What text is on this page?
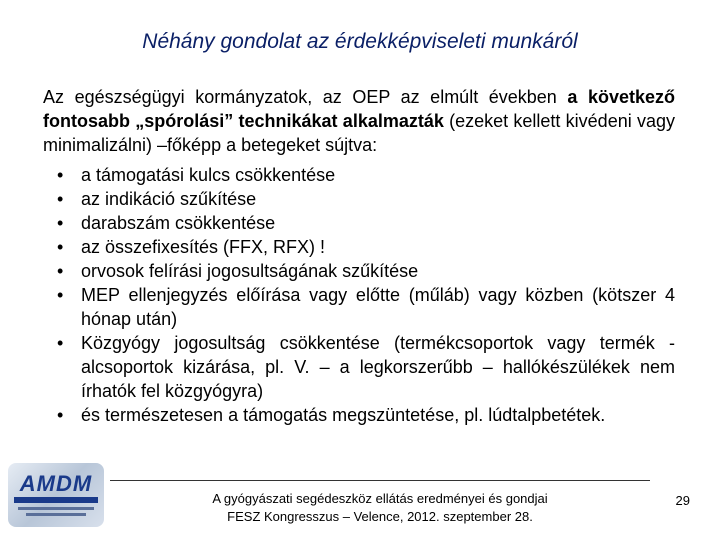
Néhány gondolat az érdekképviseleti munkáról
Az egészségügyi kormányzatok, az OEP az elmúlt években a következő fontosabb „spórolási” technikákat alkalmazták (ezeket kellett kivédeni vagy minimalizálni) –főképp a betegeket sújtva:
• a támogatási kulcs csökkentése
• az indikáció szűkítése
• darabszám csökkentése
• az összefixesítés (FFX, RFX) !
• orvosok felírási jogosultságának szűkítése
• MEP ellenjegyzés előírása vagy előtte (műláb) vagy közben (kötszer 4 hónap után)
• Közgyógy jogosultság csökkentése (termékcsoportok vagy termék -alcsoportok kizárása, pl. V. – a legkorszerűbb – hallókészülékek nem írhatók fel közgyógyra)
• és természetesen a támogatás megszüntetése, pl. lúdtalpbetétek.
AMDM
A gyógyászati segédeszköz ellátás eredményei és gondjai
FESZ Kongresszus – Velence, 2012. szeptember 28.
29
